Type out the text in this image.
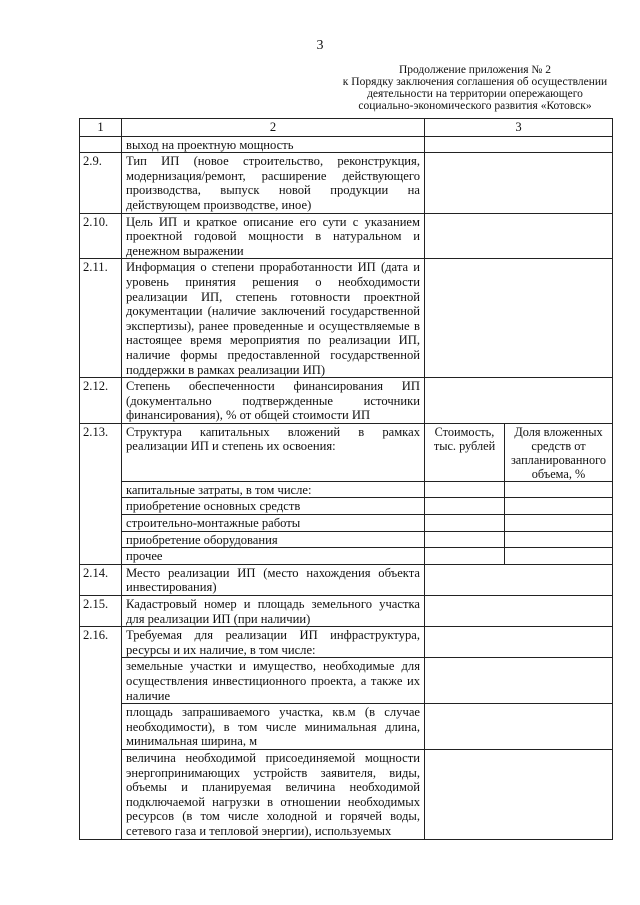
3
Продолжение приложения № 2
к Порядку заключения соглашения об осуществлении
деятельности на территории опережающего
социально-экономического развития «Котовск»
1	2	3	
	выход на проектную мощность		
2.9.	Тип ИП (новое строительство, реконструкция, модернизация/ремонт, расширение действующего производства, выпуск новой продукции на действующем производстве, иное)		
2.10.	Цель ИП и краткое описание его сути с указанием проектной годовой мощности в натуральном и денежном выражении		
2.11.	Информация о степени проработанности ИП (дата и уровень принятия решения о необходимости реализации ИП, степень готовности проектной документации (наличие заключений государственной экспертизы), ранее проведенные и осуществляемые в настоящее время мероприятия по реализации ИП, наличие формы предоставленной государственной поддержки в рамках реализации ИП)		
2.12.	Степень обеспеченности финансирования ИП (документально подтвержденные источники финансирования), % от общей стоимости ИП		
2.13.	Структура капитальных вложений в рамках реализации ИП и степень их освоения:	Стоимость, тыс. рублей	Доля вложенных средств от запланированного объема, %
	капитальные затраты, в том числе:		
	приобретение основных средств		
	строительно-монтажные работы		
	приобретение оборудования		
	прочее		
2.14.	Место реализации ИП (место нахождения объекта инвестирования)		
2.15.	Кадастровый номер и площадь земельного участка для реализации ИП (при наличии)		
2.16.	Требуемая для реализации ИП инфраструктура, ресурсы и их наличие, в том числе:		
	земельные участки и имущество, необходимые для осуществления инвестиционного проекта, а также их наличие		
	площадь запрашиваемого участка, кв.м (в случае необходимости), в том числе минимальная длина, минимальная ширина, м		
	величина необходимой присоединяемой мощности энергопринимающих устройств заявителя, виды, объемы и планируемая величина необходимой подключаемой нагрузки в отношении необходимых ресурсов (в том числе холодной и горячей воды, сетевого газа и тепловой энергии), используемых		
